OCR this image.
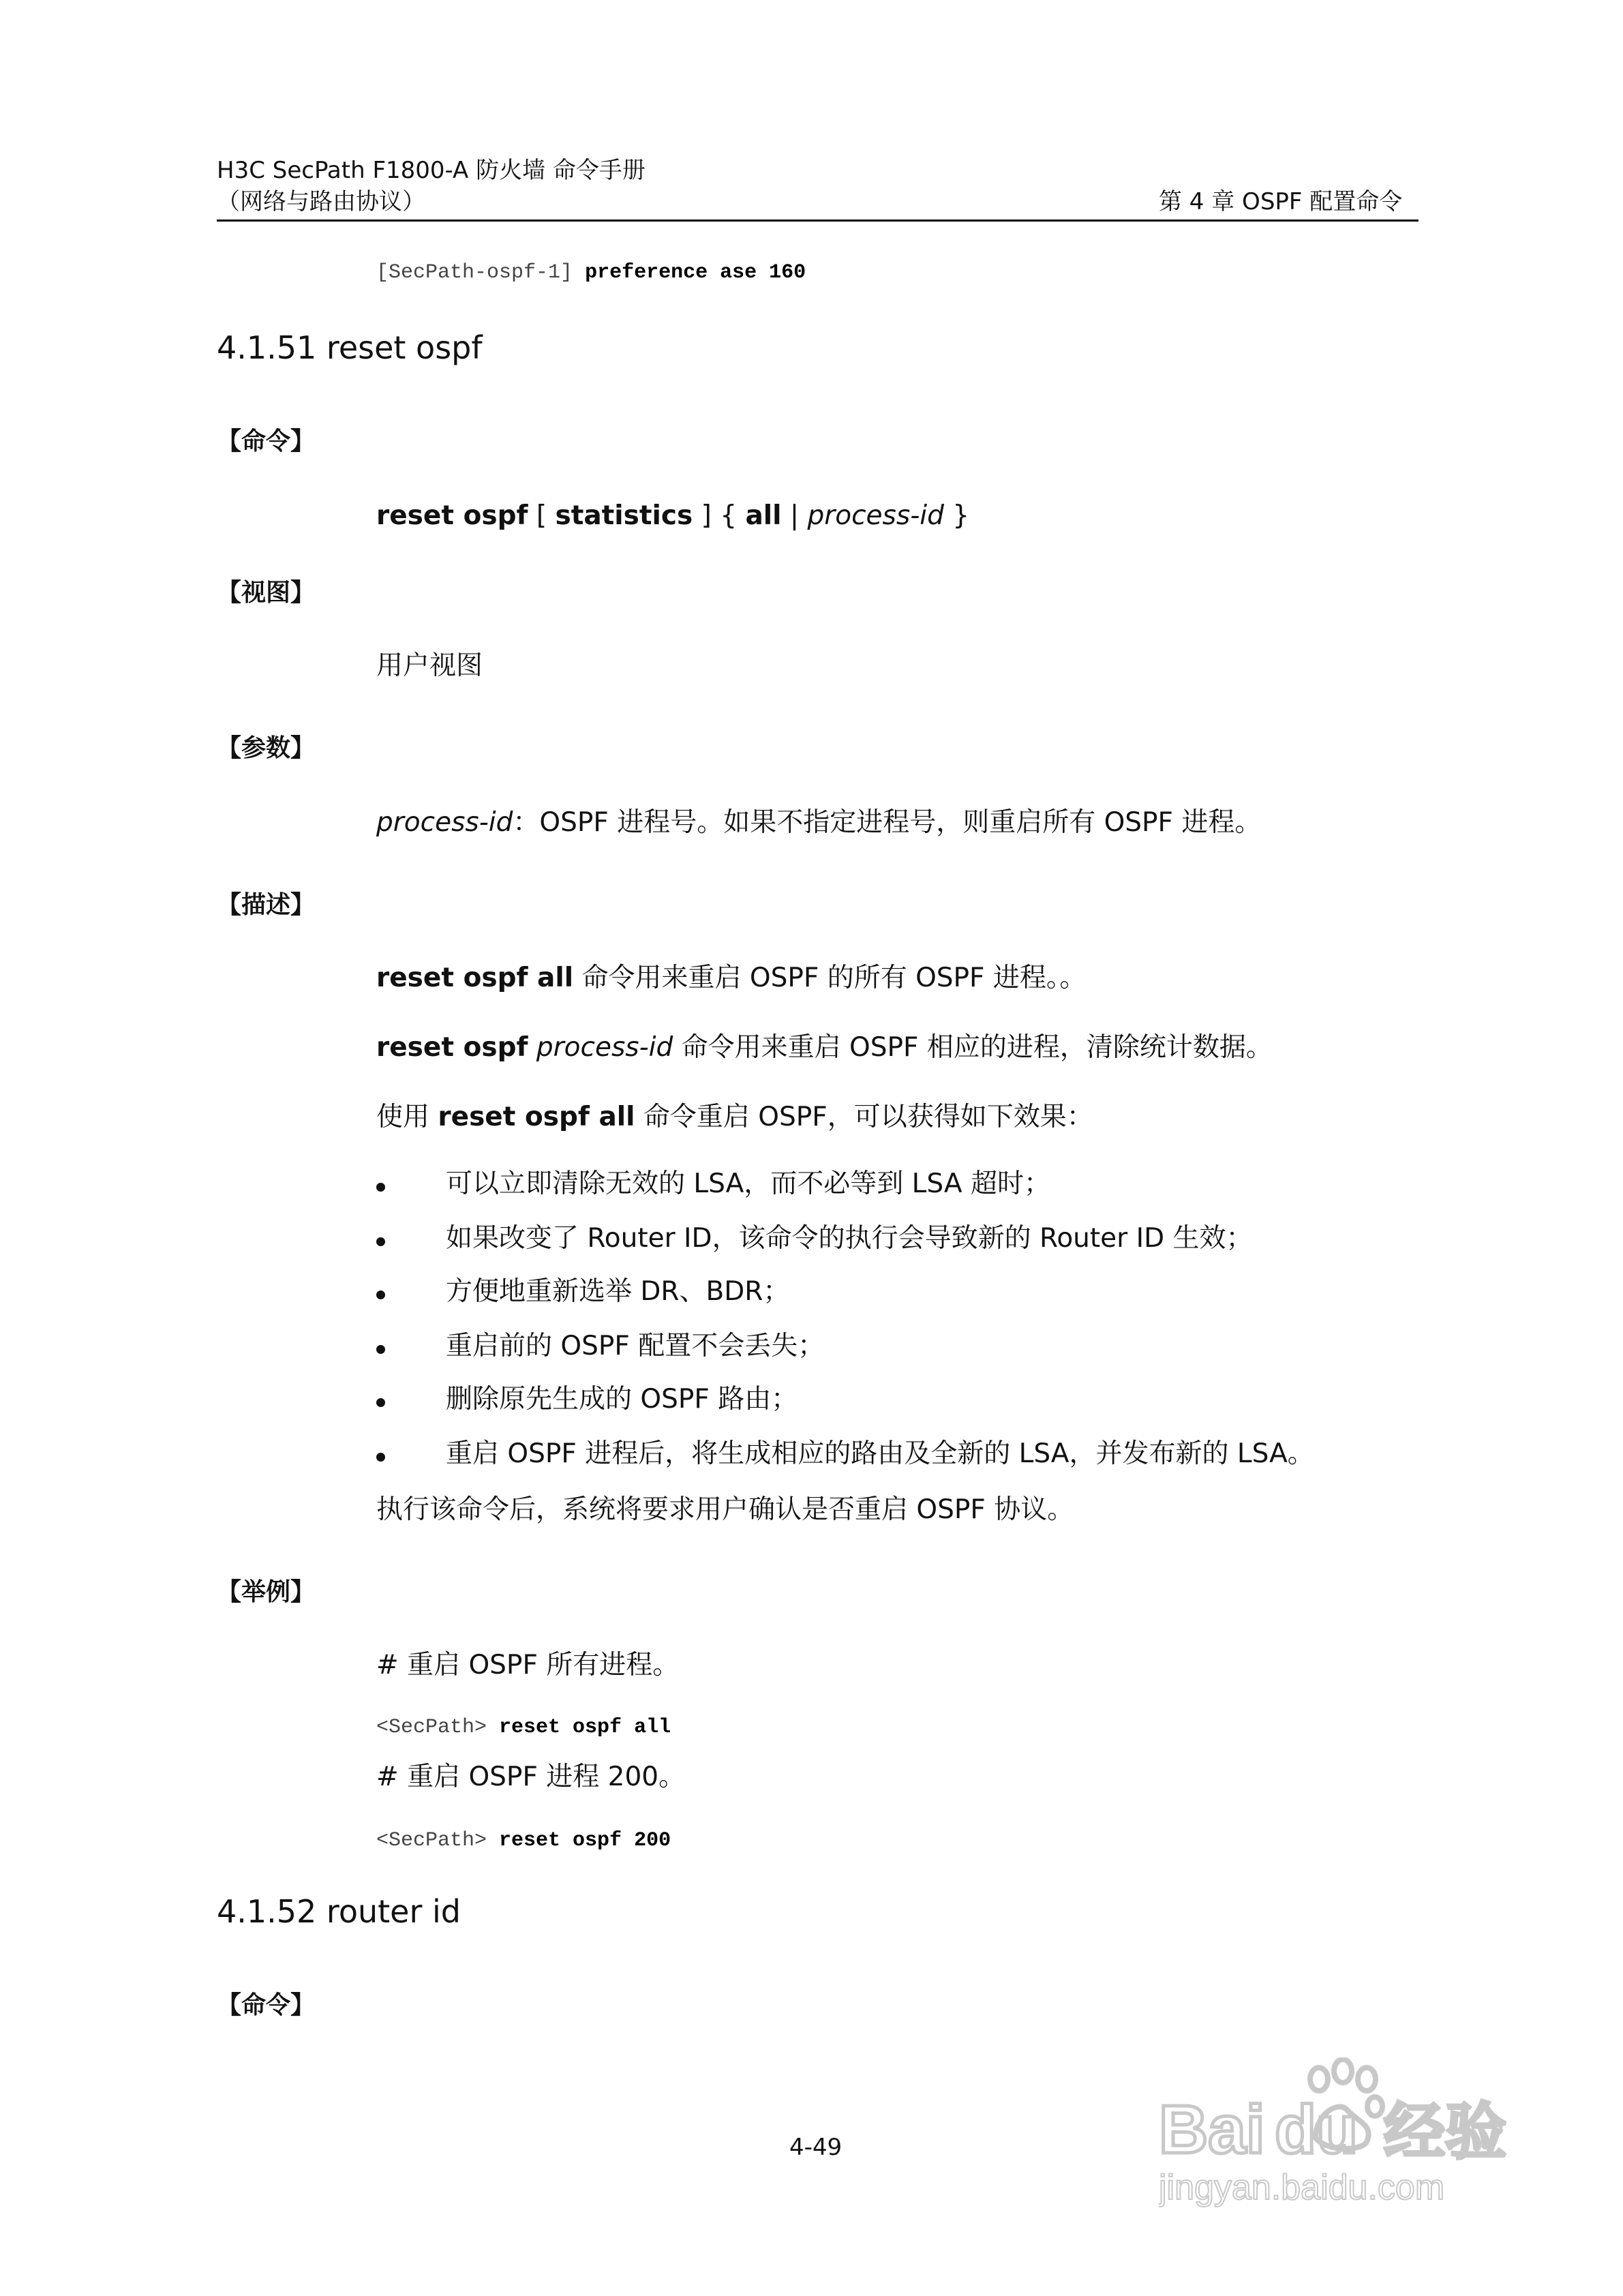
H3C SecPath F1800-A 防火墙 命令手册
（网络与路由协议）	第 4 章 OSPF 配置命令
[SecPath-ospf-1] preference ase 160
4.1.51 reset ospf
【命令】
reset ospf [ statistics ] { all | process-id }
【视图】
用户视图
【参数】
process-id：OSPF 进程号。如果不指定进程号，则重启所有 OSPF 进程。
【描述】
reset ospf all 命令用来重启 OSPF 的所有 OSPF 进程。。
reset ospf process-id 命令用来重启 OSPF 相应的进程，清除统计数据。
使用 reset ospf all 命令重启 OSPF，可以获得如下效果：
可以立即清除无效的 LSA，而不必等到 LSA 超时；
如果改变了 Router ID，该命令的执行会导致新的 Router ID 生效；
方便地重新选举 DR、BDR；
重启前的 OSPF 配置不会丢失；
删除原先生成的 OSPF 路由；
重启 OSPF 进程后，将生成相应的路由及全新的 LSA，并发布新的 LSA。
执行该命令后，系统将要求用户确认是否重启 OSPF 协议。
【举例】
# 重启 OSPF 所有进程。
<SecPath> reset ospf all
# 重启 OSPF 进程 200。
<SecPath> reset ospf 200
4.1.52 router id
【命令】
4-49	Bai du 经验
jingyan.baidu.com
